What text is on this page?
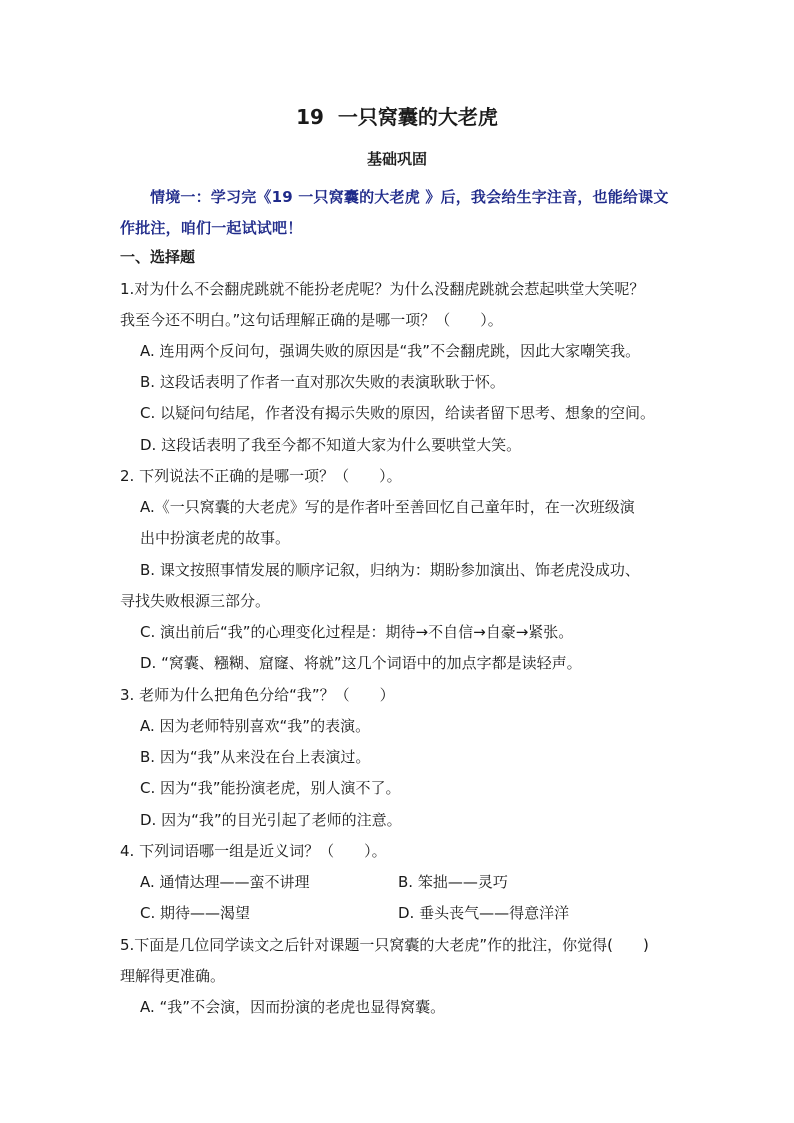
19  一只窝囊的大老虎
基础巩固
情境一：学习完《19 一只窝囊的大老虎 》后，我会给生字注音，也能给课文作批注，咱们一起试试吧！
一、选择题
1.对为什么不会翻虎跳就不能扮老虎呢？为什么没翻虎跳就会惹起哄堂大笑呢？
我至今还不明白。”这句话理解正确的是哪一项？（　　）。
A. 连用两个反问句，强调失败的原因是“我”不会翻虎跳，因此大家嘲笑我。
B. 这段话表明了作者一直对那次失败的表演耿耿于怀。
C. 以疑问句结尾，作者没有揭示失败的原因，给读者留下思考、想象的空间。
D. 这段话表明了我至今都不知道大家为什么要哄堂大笑。
2. 下列说法不正确的是哪一项？（　　）。
A.《一只窝囊的大老虎》写的是作者叶至善回忆自己童年时，在一次班级演
出中扮演老虎的故事。
B. 课文按照事情发展的顺序记叙，归纳为：期盼参加演出、饰老虎没成功、
寻找失败根源三部分。
C. 演出前后“我”的心理变化过程是：期待→不自信→自豪→紧张。
D. “窝囊、糨糊、窟窿、将就”这几个词语中的加点字都是读轻声。
3. 老师为什么把角色分给“我”？（　　）
A. 因为老师特别喜欢“我”的表演。
B. 因为“我”从来没在台上表演过。
C. 因为“我”能扮演老虎，别人演不了。
D. 因为“我”的目光引起了老师的注意。
4. 下列词语哪一组是近义词？（　　）。
A. 通情达理——蛮不讲理	B. 笨拙——灵巧
C. 期待——渴望	D. 垂头丧气——得意洋洋
5.下面是几位同学读文之后针对课题一只窝囊的大老虎”作的批注，你觉得(　　)
理解得更准确。
A. “我”不会演，因而扮演的老虎也显得窝囊。
